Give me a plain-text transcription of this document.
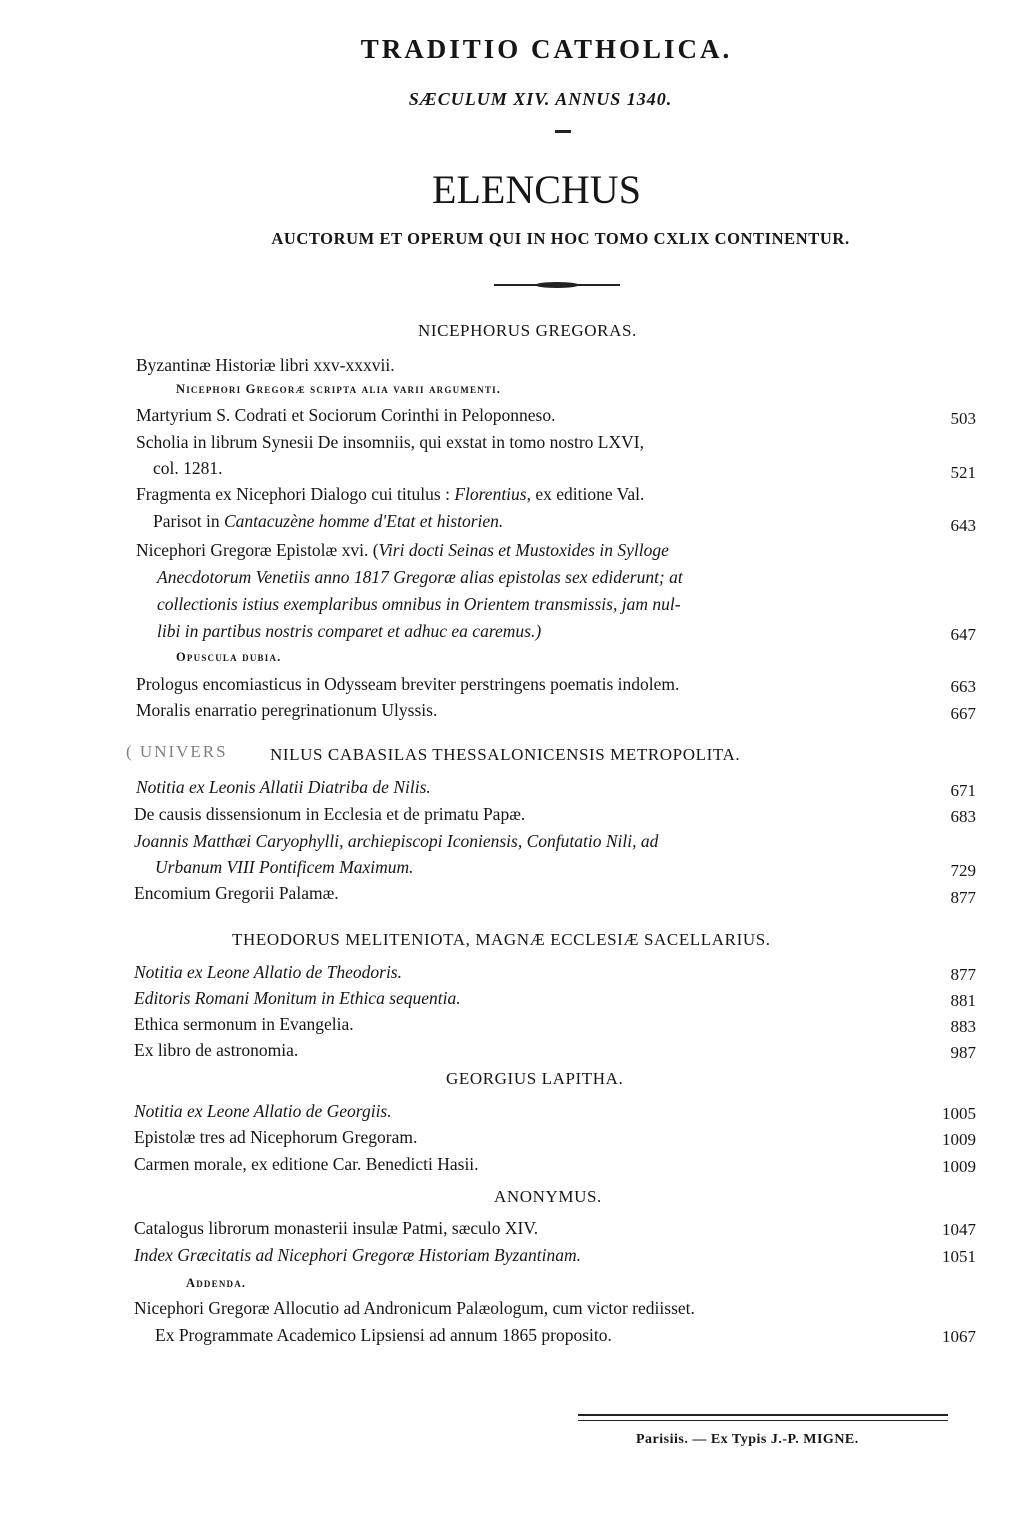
TRADITIO CATHOLICA.
SÆCULUM XIV. ANNUS 1340.
ELENCHUS
AUCTORUM ET OPERUM QUI IN HOC TOMO CXLIX CONTINENTUR.
NICEPHORUS GREGORAS.
Byzantinæ Historiæ libri xxv-xxxvii.
Nicephori Gregoræ scripta alia varii argumenti.
Martyrium S. Codrati et Sociorum Corinthi in Peloponneso.	503
Scholia in librum Synesii De insomniis, qui exstat in tomo nostro LXVI,
col. 1281.	521
Fragmenta ex Nicephori Dialogo cui titulus : Florentius, ex editione Val.
Parisot in Cantacuzène homme d'Etat et historien.	643
Nicephori Gregoræ Epistolæ xvi. (Viri docti Seinas et Mustoxides in Sylloge
Anecdotorum Venetiis anno 1817 Gregoræ alias epistolas sex ediderunt; at
collectionis istius exemplaribus omnibus in Orientem transmissis, jam nul-
libi in partibus nostris comparet et adhuc ea caremus.)	647
Opuscula dubia.
Prologus encomiasticus in Odysseam breviter perstringens poematis indolem.	663
Moralis enarratio peregrinationum Ulyssis.	667
( UNIVERS NILUS CABASILAS THESSALONICENSIS METROPOLITA.
Notitia ex Leonis Allatii Diatriba de Nilis.	671
De causis dissensionum in Ecclesia et de primatu Papæ.	683
Joannis Matthæi Caryophylli, archiepiscopi Iconiensis, Confutatio Nili, ad
Urbanum VIII Pontificem Maximum.	729
Encomium Gregorii Palamæ.	877
THEODORUS MELITENIOTA, MAGNÆ ECCLESIÆ SACELLARIUS.
Notitia ex Leone Allatio de Theodoris.	877
Editoris Romani Monitum in Ethica sequentia.	881
Ethica sermonum in Evangelia.	883
Ex libro de astronomia.	987
GEORGIUS LAPITHA.
Notitia ex Leone Allatio de Georgiis.	1005
Epistolæ tres ad Nicephorum Gregoram.	1009
Carmen morale, ex editione Car. Benedicti Hasii.	1009
ANONYMUS.
Catalogus librorum monasterii insulæ Patmi, sæculo XIV.	1047
Index Græcitatis ad Nicephori Gregoræ Historiam Byzantinam.	1051
Addenda.
Nicephori Gregoræ Allocutio ad Andronicum Palæologum, cum victor rediisset.
Ex Programmate Academico Lipsiensi ad annum 1865 proposito.	1067
Parisiis. — Ex Typis J.-P. MIGNE.
